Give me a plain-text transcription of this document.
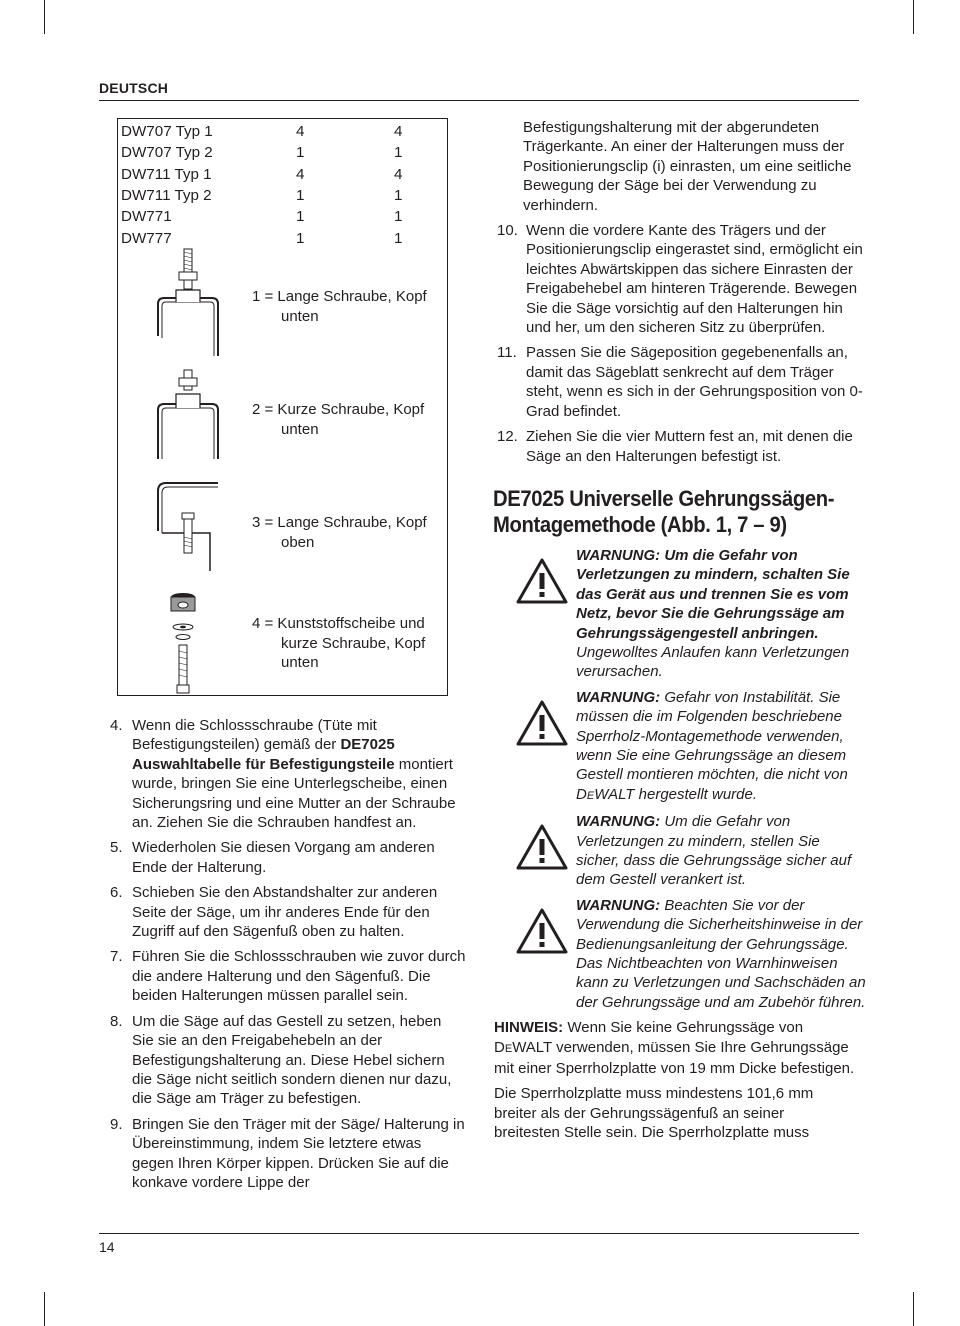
DEUTSCH
DW707 Typ 1	4	4
DW707 Typ 2	1	1
DW711 Typ 1	4	4
DW711 Typ 2	1	1
DW771	1	1
DW777	1	1
1 = Lange Schraube, Kopf
unten
2 = Kurze Schraube, Kopf
unten
3 = Lange Schraube, Kopf
oben
4 = Kunststoffscheibe und
kurze Schraube, Kopf
unten
4. Wenn die Schlossschraube (Tüte mit Befestigungsteilen) gemäß der DE7025 Auswahltabelle für Befestigungsteile montiert wurde, bringen Sie eine Unterlegscheibe, einen Sicherungsring und eine Mutter an der Schraube an. Ziehen Sie die Schrauben handfest an.
5. Wiederholen Sie diesen Vorgang am anderen Ende der Halterung.
6. Schieben Sie den Abstandshalter zur anderen Seite der Säge, um ihr anderes Ende für den Zugriff auf den Sägenfuß oben zu halten.
7. Führen Sie die Schlossschrauben wie zuvor durch die andere Halterung und den Sägenfuß. Die beiden Halterungen müssen parallel sein.
8. Um die Säge auf das Gestell zu setzen, heben Sie sie an den Freigabehebeln an der Befestigungshalterung an. Diese Hebel sichern die Säge nicht seitlich sondern dienen nur dazu, die Säge am Träger zu befestigen.
9. Bringen Sie den Träger mit der Säge/ Halterung in Übereinstimmung, indem Sie letztere etwas gegen Ihren Körper kippen. Drücken Sie auf die konkave vordere Lippe der
Befestigungshalterung mit der abgerundeten Trägerkante. An einer der Halterungen muss der Positionierungsclip (i) einrasten, um eine seitliche Bewegung der Säge bei der Verwendung zu verhindern.
10. Wenn die vordere Kante des Trägers und der Positionierungsclip eingerastet sind, ermöglicht ein leichtes Abwärtskippen das sichere Einrasten der Freigabehebel am hinteren Trägerende. Bewegen Sie die Säge vorsichtig auf den Halterungen hin und her, um den sicheren Sitz zu überprüfen.
11. Passen Sie die Sägeposition gegebenenfalls an, damit das Sägeblatt senkrecht auf dem Träger steht, wenn es sich in der Gehrungsposition von 0-Grad befindet.
12. Ziehen Sie die vier Muttern fest an, mit denen die Säge an den Halterungen befestigt ist.
DE7025 Universelle Gehrungssägen-Montagemethode (Abb. 1, 7 – 9)
WARNUNG: Um die Gefahr von Verletzungen zu mindern, schalten Sie das Gerät aus und trennen Sie es vom Netz, bevor Sie die Gehrungssäge am Gehrungssägengestell anbringen. Ungewolltes Anlaufen kann Verletzungen verursachen.
WARNUNG: Gefahr von Instabilität. Sie müssen die im Folgenden beschriebene Sperrholz-Montagemethode verwenden, wenn Sie eine Gehrungssäge an diesem Gestell montieren möchten, die nicht von DEWALT hergestellt wurde.
WARNUNG: Um die Gefahr von Verletzungen zu mindern, stellen Sie sicher, dass die Gehrungssäge sicher auf dem Gestell verankert ist.
WARNUNG: Beachten Sie vor der Verwendung die Sicherheitshinweise in der Bedienungsanleitung der Gehrungssäge. Das Nichtbeachten von Warnhinweisen kann zu Verletzungen und Sachschäden an der Gehrungssäge und am Zubehör führen.
HINWEIS: Wenn Sie keine Gehrungssäge von DEWALT verwenden, müssen Sie Ihre Gehrungssäge mit einer Sperrholzplatte von 19 mm Dicke befestigen.
Die Sperrholzplatte muss mindestens 101,6 mm breiter als der Gehrungssägenfuß an seiner breitesten Stelle sein. Die Sperrholzplatte muss
14
